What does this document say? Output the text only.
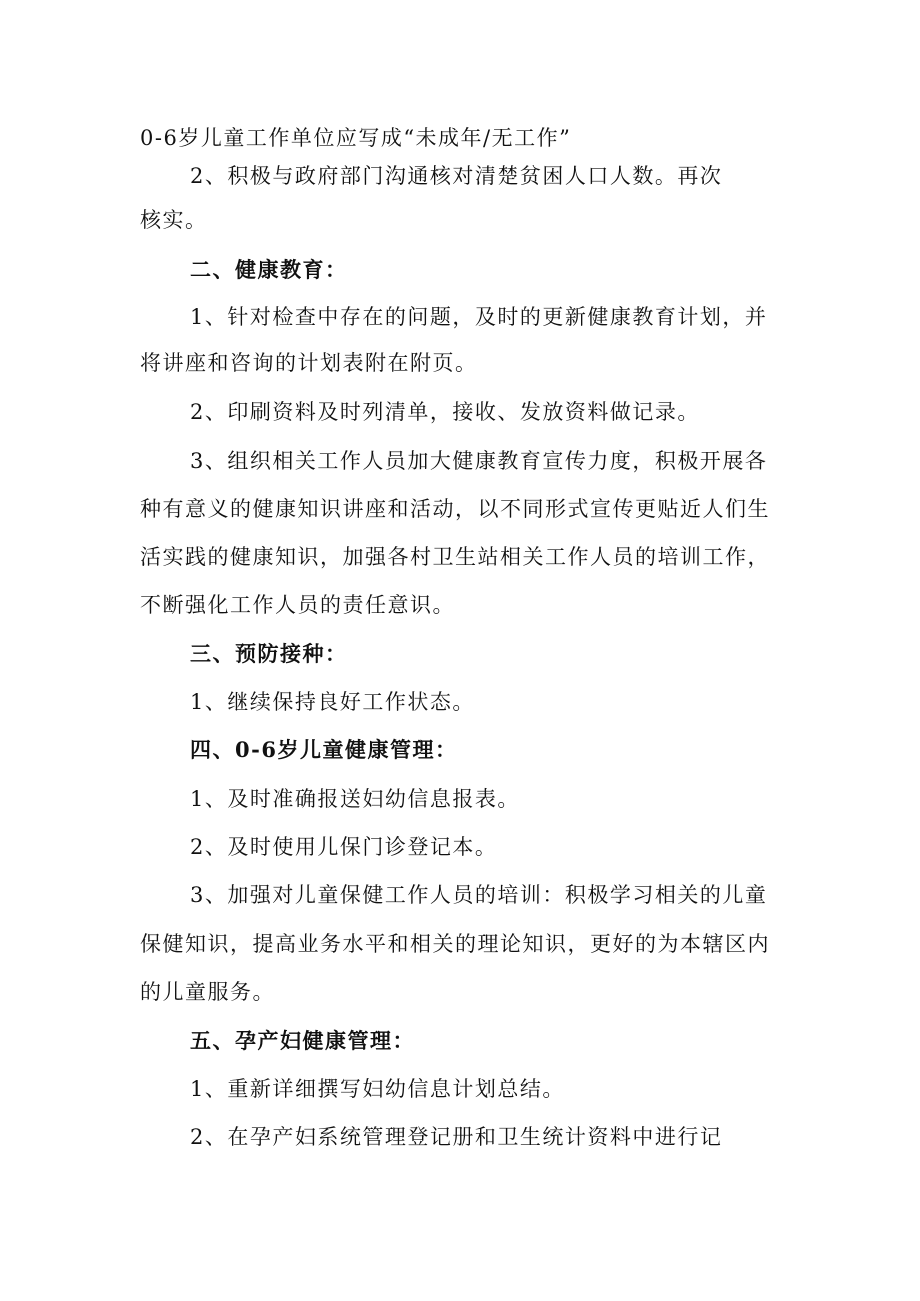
0-6岁儿童工作单位应写成“未成年/无工作”
2、积极与政府部门沟通核对清楚贫困人口人数。再次
核实。
二、健康教育：
1、针对检查中存在的问题，及时的更新健康教育计划，并
将讲座和咨询的计划表附在附页。
2、印刷资料及时列清单，接收、发放资料做记录。
3、组织相关工作人员加大健康教育宣传力度，积极开展各
种有意义的健康知识讲座和活动，以不同形式宣传更贴近人们生
活实践的健康知识，加强各村卫生站相关工作人员的培训工作，
不断强化工作人员的责任意识。
三、预防接种：
1、继续保持良好工作状态。
四、0-6岁儿童健康管理：
1、及时准确报送妇幼信息报表。
2、及时使用儿保门诊登记本。
3、加强对儿童保健工作人员的培训：积极学习相关的儿童
保健知识，提高业务水平和相关的理论知识，更好的为本辖区内
的儿童服务。
五、孕产妇健康管理：
1、重新详细撰写妇幼信息计划总结。
2、在孕产妇系统管理登记册和卫生统计资料中进行记
